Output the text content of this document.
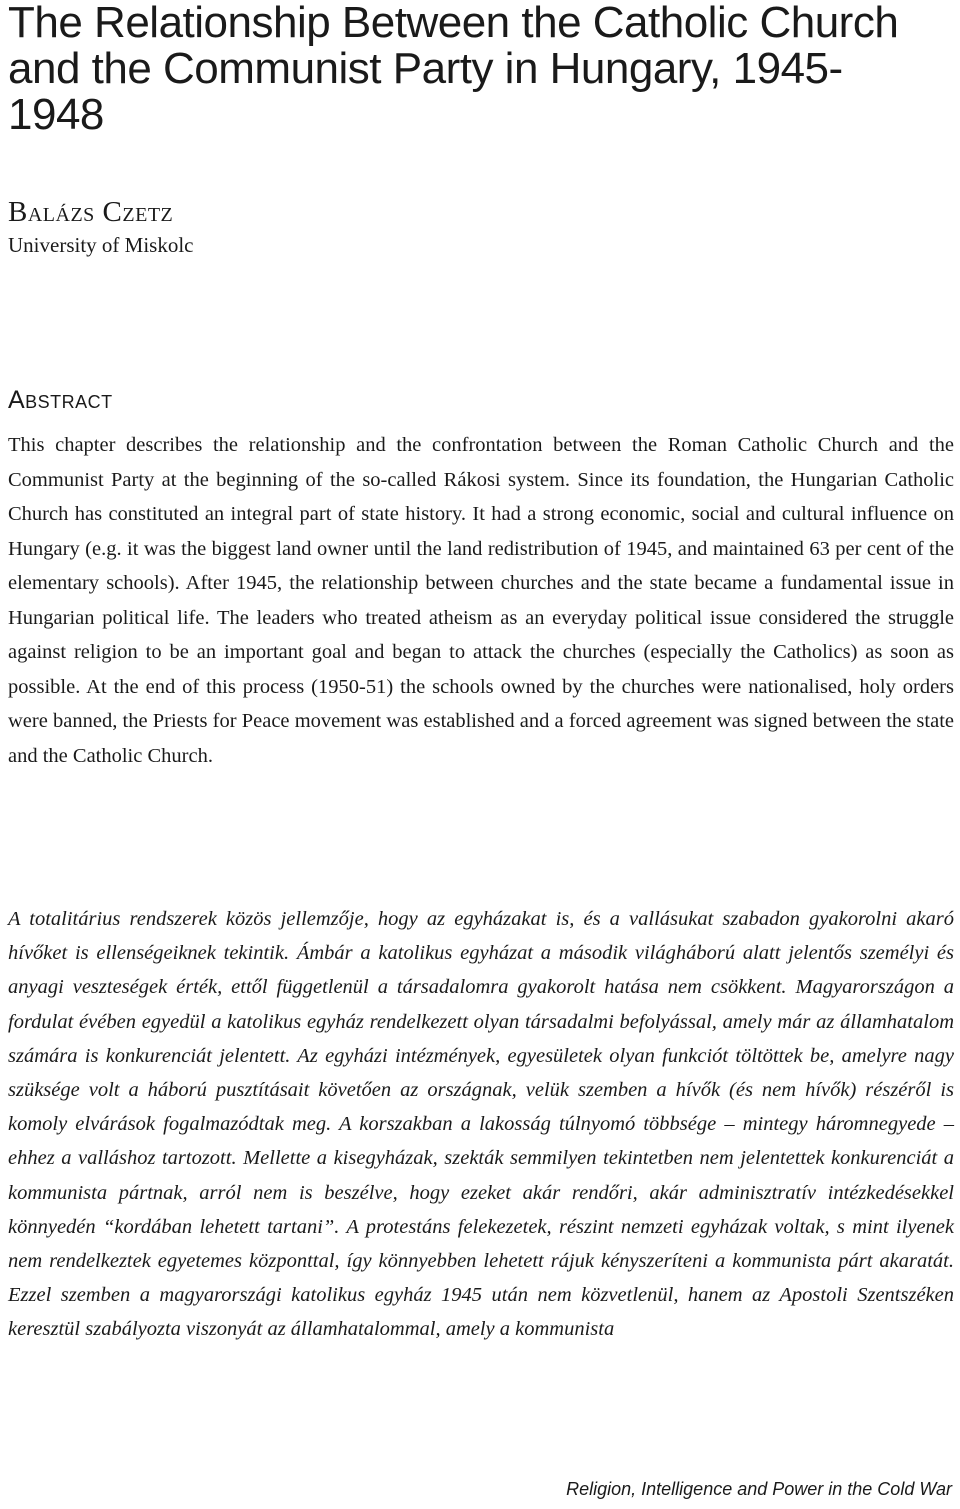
The Relationship Between the Catholic Church and the Communist Party in Hungary, 1945-1948
Balázs Czetz
University of Miskolc
Abstract

This chapter describes the relationship and the confrontation between the Roman Catholic Church and the Communist Party at the beginning of the so-called Rákosi system. Since its foundation, the Hungarian Catholic Church has constituted an integral part of state history. It had a strong economic, social and cultural influence on Hungary (e.g. it was the biggest land owner until the land redistribution of 1945, and maintained 63 per cent of the elementary schools). After 1945, the relationship between churches and the state became a fundamental issue in Hungarian political life. The leaders who treated atheism as an everyday political issue considered the struggle against religion to be an important goal and began to attack the churches (especially the Catholics) as soon as possible. At the end of this process (1950-51) the schools owned by the churches were nationalised, holy orders were banned, the Priests for Peace movement was established and a forced agreement was signed between the state and the Catholic Church.

A totalitárius rendszerek közös jellemzője, hogy az egyházakat is, és a vallásukat szabadon gyakorolni akaró hívőket is ellenségeiknek tekintik. Ámbár a katolikus egyházat a második világháború alatt jelentős személyi és anyagi veszteségek érték, ettől függetlenül a társadalomra gyakorolt hatása nem csökkent. Magyarországon a fordulat évében egyedül a katolikus egyház rendelkezett olyan társadalmi befolyással, amely már az államhatalom számára is konkurenciát jelentett. Az egyházi intézmények, egyesületek olyan funkciót töltöttek be, amelyre nagy szüksége volt a háború pusztításait követően az országnak, velük szemben a hívők (és nem hívők) részéről is komoly elvárások fogalmazódtak meg. A korszakban a lakosság túlnyomó többsége – mintegy háromnegyede – ehhez a valláshoz tartozott. Mellette a kisegyházak, szekták semmilyen tekintetben nem jelentettek konkurenciát a kommunista pártnak, arról nem is beszélve, hogy ezeket akár rendőri, akár adminisztratív intézkedésekkel könnyedén “kordában lehetett tartani”. A protestáns felekezetek, részint nemzeti egyházak voltak, s mint ilyenek nem rendelkeztek egyetemes központtal, így könnyebben lehetett rájuk kényszeríteni a kommunista párt akaratát. Ezzel szemben a magyarországi katolikus egyház 1945 után nem közvetlenül, hanem az Apostoli Szentszéken keresztül szabályozta viszonyát az államhatalommal, amely a kommunista

Religion, Intelligence and Power in the Cold War
